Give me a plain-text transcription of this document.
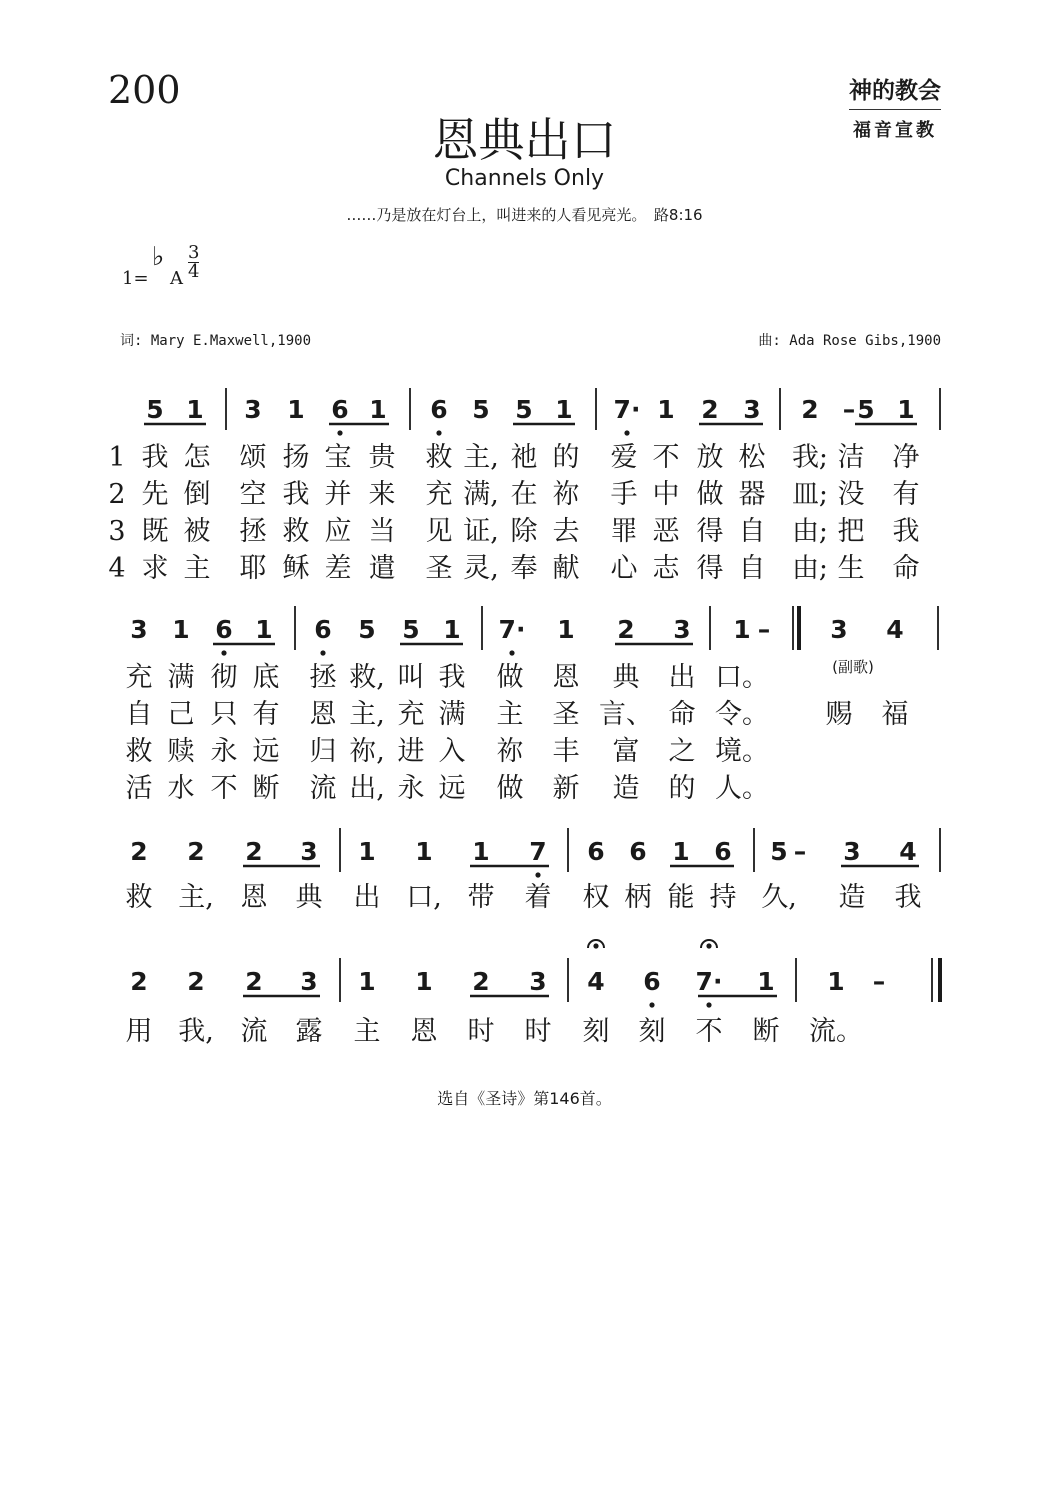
200	神的教会
福音宣教
恩典出口
Channels Only
……乃是放在灯台上，叫进来的人看见亮光。　路8:16
1=
♭
A
3
4
词: Mary E.Maxwell,1900	曲: Ada Rose Gibs,1900
5 1 3 1 6 1 6 5 5 1 7· 1 2 3 2 – 5 1
1 我 怎 颂 扬 宝 贵 救 主, 祂 的 爱 不 放 松 我; 洁 净
2 先 倒 空 我 并 来 充 满, 在 祢 手 中 做 器 皿; 没 有
3 既 被 拯 救 应 当 见 证, 除 去 罪 恶 得 自 由; 把 我
4 求 主 耶 稣 差 遣 圣 灵, 奉 献 心 志 得 自 由; 生 命
3 1 6 1 6 5 5 1 7· 1 2 3 1 – 3 4
充 满 彻 底 拯 救, 叫 我 做 恩 典 出 口。
自 己 只 有 恩 主, 充 满 主 圣 言、 命 令。 赐 福
救 赎 永 远 归 祢, 进 入 祢 丰 富 之 境。
活 水 不 断 流 出, 永 远 做 新 造 的 人。
2 2 2 3 1 1 1 7 6 6 1 6 5 – 3 4
救 主, 恩 典 出 口, 带 着 权 柄 能 持 久, 造 我
2 2 2 3 1 1 2 3 4 6 7· 1 1 –
用 我, 流 露 主 恩 时 时 刻 刻 不 断 流。
(副歌)
选自《圣诗》第146首。
